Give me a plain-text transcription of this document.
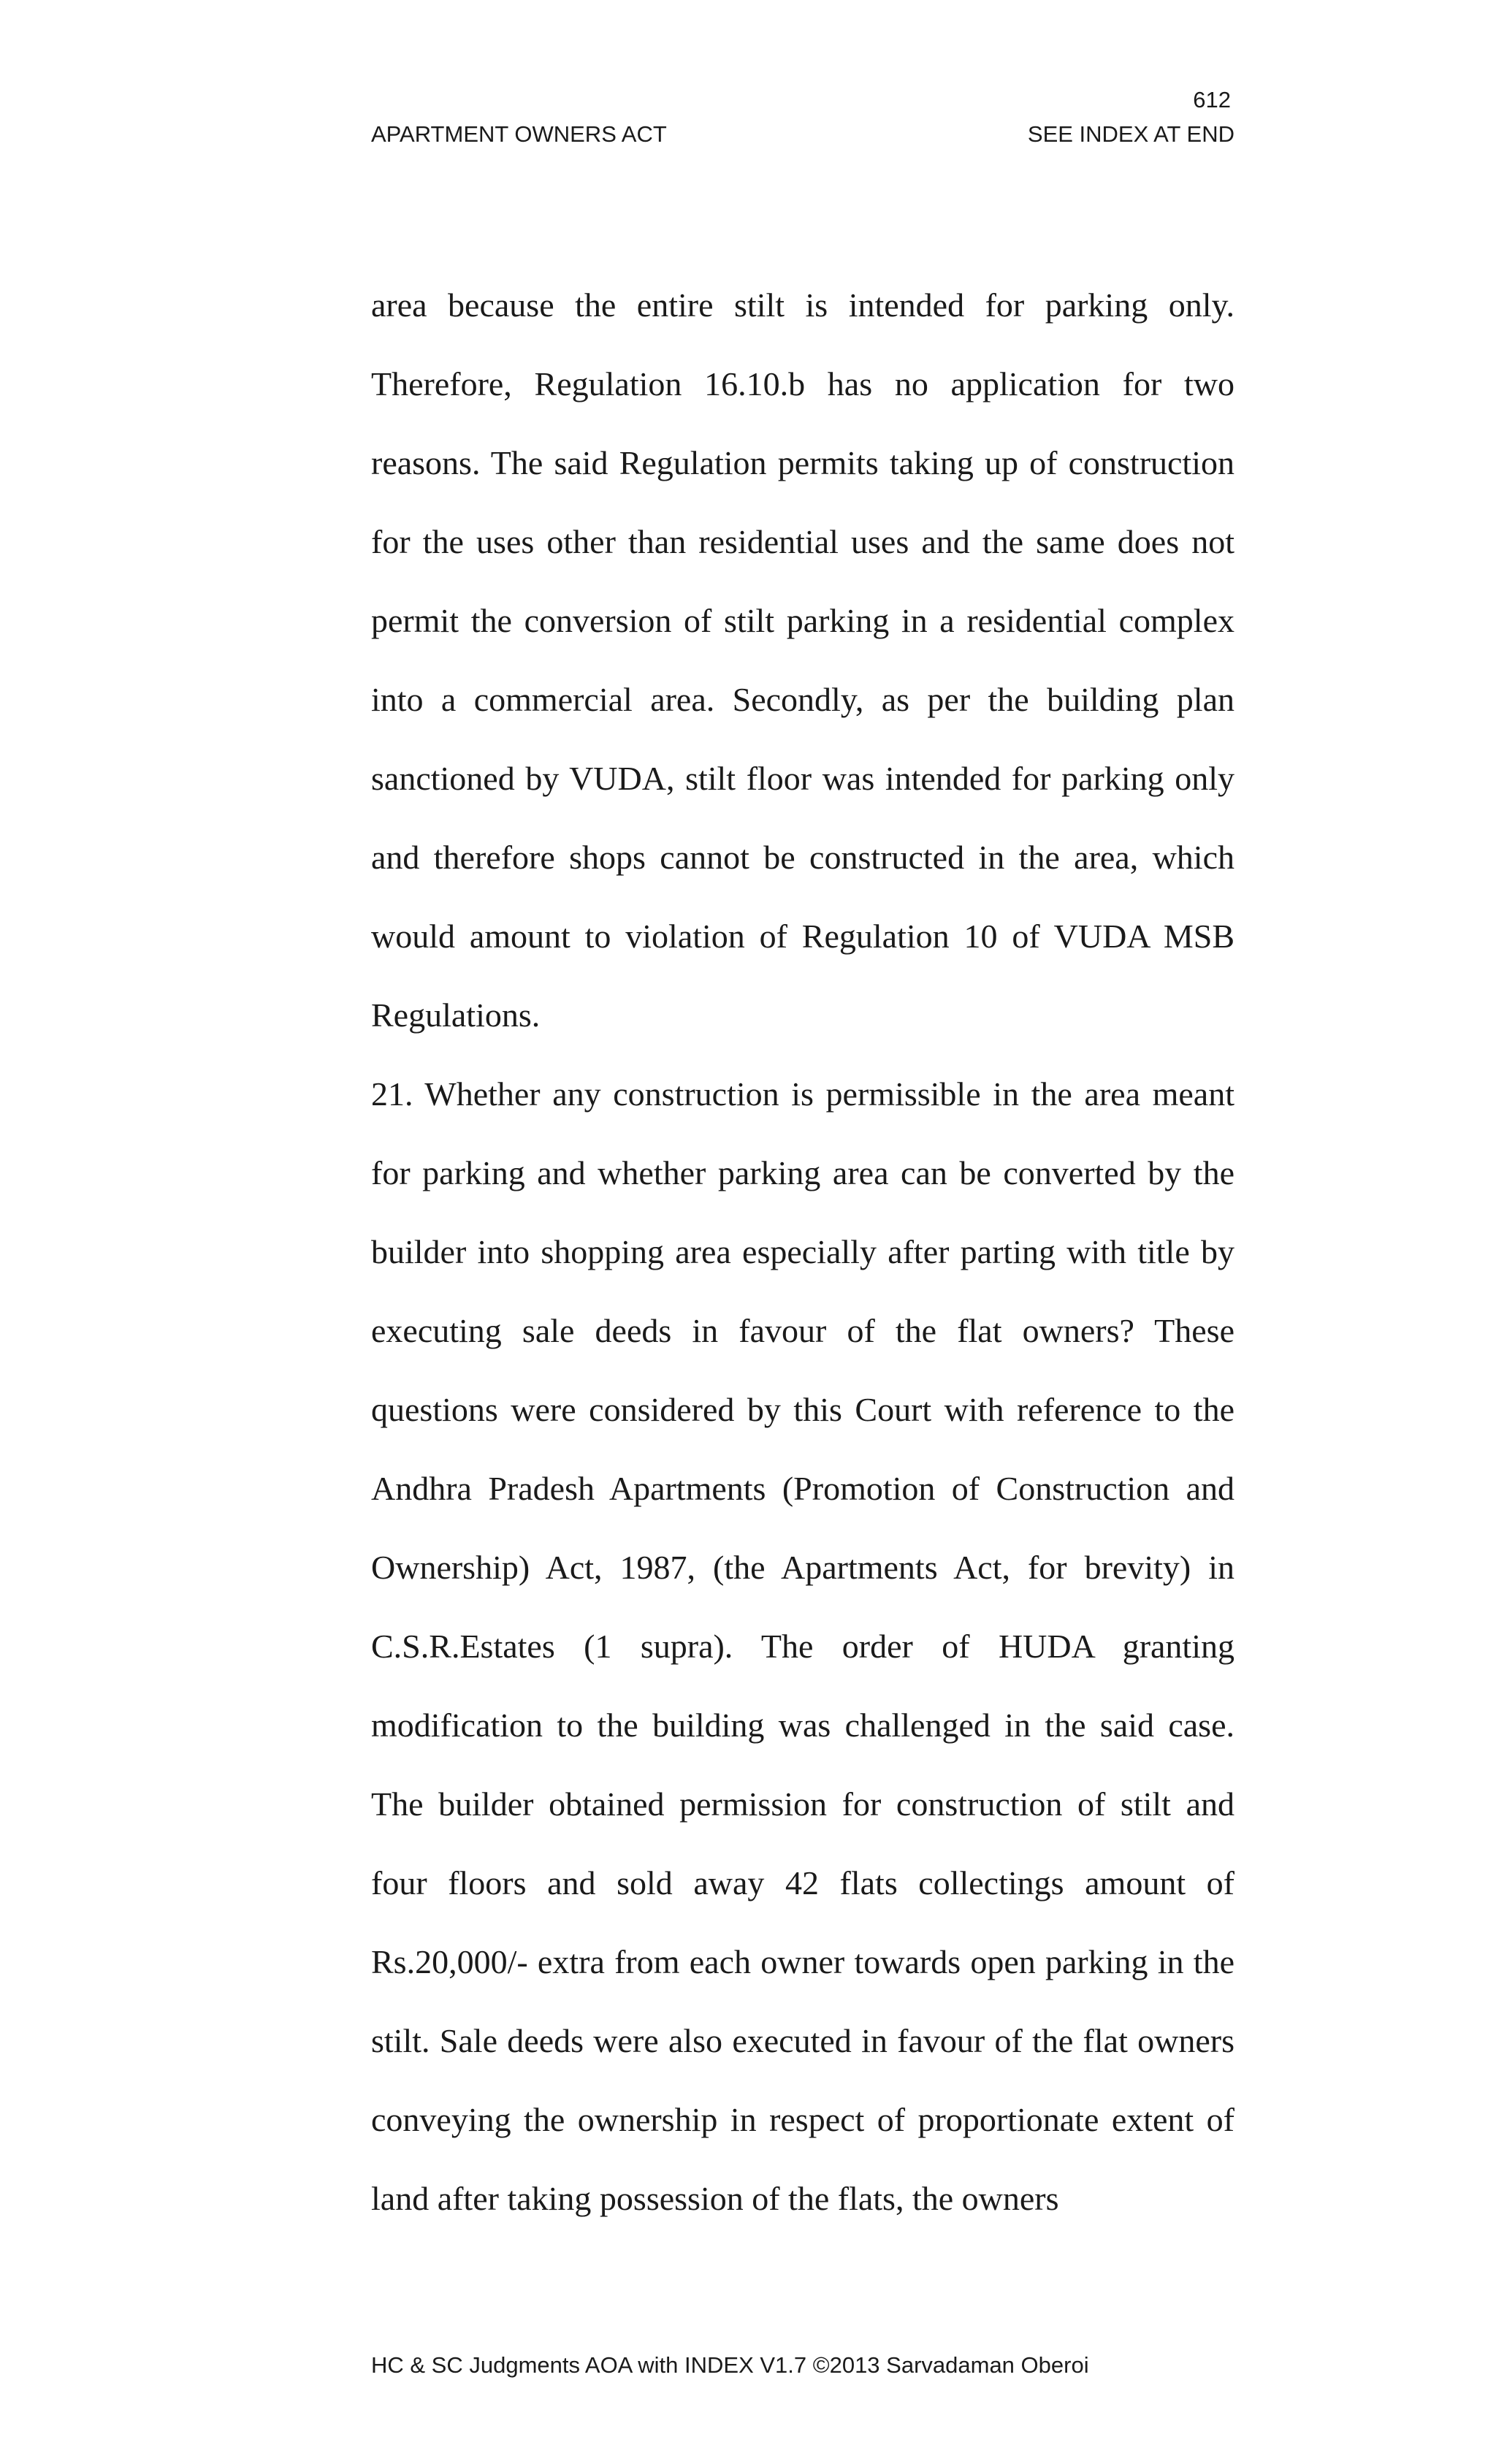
612
APARTMENT OWNERS ACT	SEE INDEX AT END

area because the entire stilt is intended for parking only. Therefore, Regulation 16.10.b has no application for two reasons. The said Regulation permits taking up of construction for the uses other than residential uses and the same does not permit the conversion of stilt parking in a residential complex into a commercial area. Secondly, as per the building plan sanctioned by VUDA, stilt floor was intended for parking only and therefore shops cannot be constructed in the area, which would amount to violation of Regulation 10 of VUDA MSB Regulations.

21. Whether any construction is permissible in the area meant for parking and whether parking area can be converted by the builder into shopping area especially after parting with title by executing sale deeds in favour of the flat owners? These questions were considered by this Court with reference to the Andhra Pradesh Apartments (Promotion of Construction and Ownership) Act, 1987, (the Apartments Act, for brevity) in C.S.R.Estates (1 supra). The order of HUDA granting modification to the building was challenged in the said case. The builder obtained permission for construction of stilt and four floors and sold away 42 flats collectings amount of Rs.20,000/- extra from each owner towards open parking in the stilt. Sale deeds were also executed in favour of the flat owners conveying the ownership in respect of proportionate extent of land after taking possession of the flats, the owners

HC & SC Judgments AOA with INDEX V1.7 ©2013 Sarvadaman Oberoi
